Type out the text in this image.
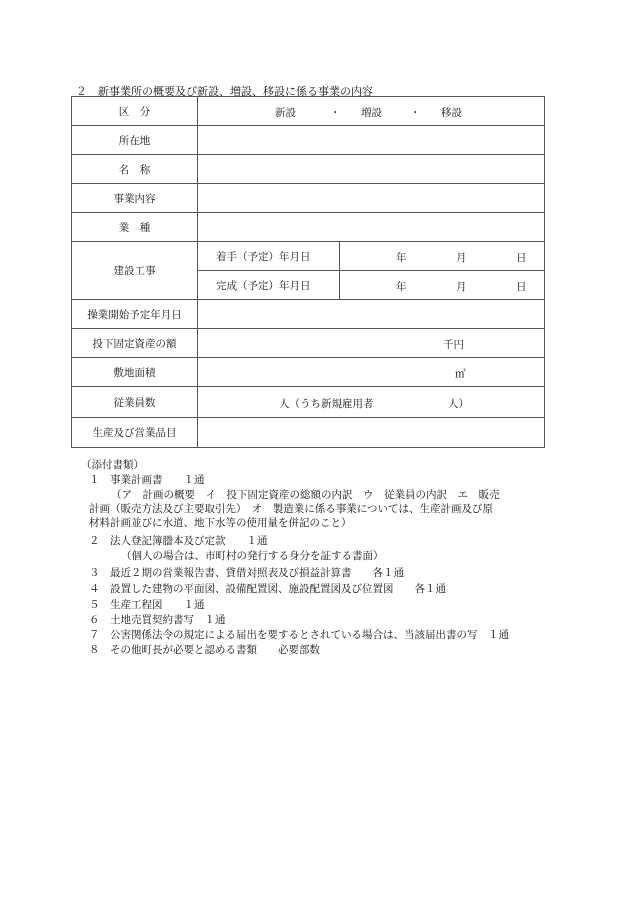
２　新事業所の概要及び新設、増設、移設に係る事業の内容
区　分	新設 ・ 増設 ・ 移設	

所在地		
名　称		
事業内容		
業　種		
建設工事	着手（予定）年月日	年 月 日

	完成（予定）年月日	年 月 日

操業開始予定年月日		
投下固定資産の額	千円	

敷地面積	㎡	

従業員数	人（うち新規雇用者 人）	

生産及び営業品目		
（添付書類）
１　事業計画書　　１通
（ア　計画の概要　イ　投下固定資産の総額の内訳　ウ　従業員の内訳　エ　販売
計画（販売方法及び主要取引先）　オ　製造業に係る事業については、生産計画及び原
材料計画並びに水道、地下水等の使用量を併記のこと）
２　法人登記簿謄本及び定款　　１通
（個人の場合は、市町村の発行する身分を証する書面）
３　最近２期の営業報告書、貸借対照表及び損益計算書　　各１通
４　設置した建物の平面図、設備配置図、施設配置図及び位置図　　各１通
５　生産工程図　　１通
６　土地売買契約書写　１通
７　公害関係法令の規定による届出を要するとされている場合は、当該届出書の写　１通
８　その他町長が必要と認める書類　　必要部数
